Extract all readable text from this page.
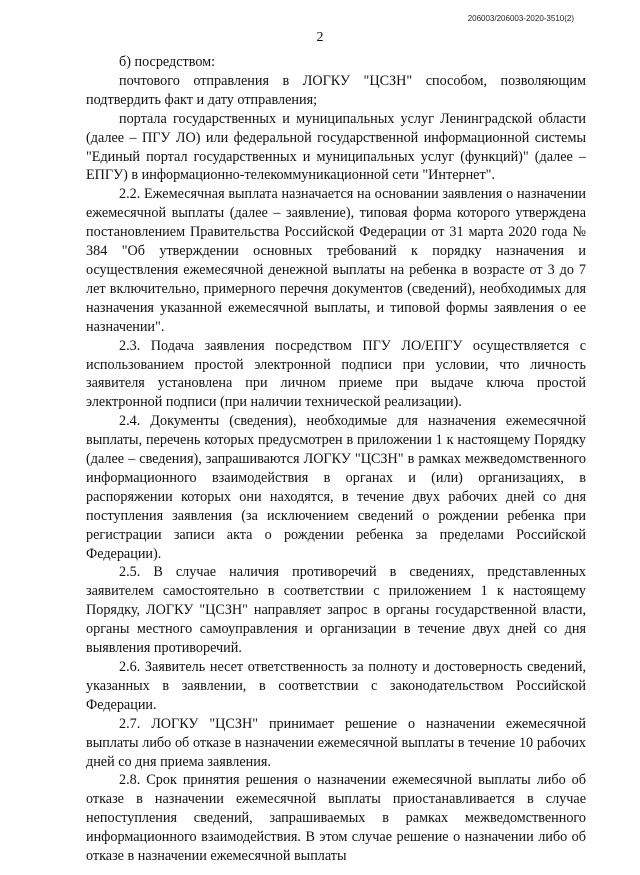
206003/206003-2020-3510(2)
2

б) посредством:

почтового отправления в ЛОГКУ "ЦСЗН" способом, позволяющим подтвердить факт и дату отправления;

портала государственных и муниципальных услуг Ленинградской области (далее – ПГУ ЛО) или федеральной государственной информационной системы "Единый портал государственных и муниципальных услуг (функций)" (далее – ЕПГУ) в информационно-телекоммуникационной сети "Интернет".

2.2. Ежемесячная выплата назначается на основании заявления о назначении ежемесячной выплаты (далее – заявление), типовая форма которого утверждена постановлением Правительства Российской Федерации от 31 марта 2020 года № 384 "Об утверждении основных требований к порядку назначения и осуществления ежемесячной денежной выплаты на ребенка в возрасте от 3 до 7 лет включительно, примерного перечня документов (сведений), необходимых для назначения указанной ежемесячной выплаты, и типовой формы заявления о ее назначении".

2.3. Подача заявления посредством ПГУ ЛО/ЕПГУ осуществляется с использованием простой электронной подписи при условии, что личность заявителя установлена при личном приеме при выдаче ключа простой электронной подписи (при наличии технической реализации).

2.4. Документы (сведения), необходимые для назначения ежемесячной выплаты, перечень которых предусмотрен в приложении 1 к настоящему Порядку (далее – сведения), запрашиваются ЛОГКУ "ЦСЗН" в рамках межведомственного информационного взаимодействия в органах и (или) организациях, в распоряжении которых они находятся, в течение двух рабочих дней со дня поступления заявления (за исключением сведений о рождении ребенка при регистрации записи акта о рождении ребенка за пределами Российской Федерации).

2.5. В случае наличия противоречий в сведениях, представленных заявителем самостоятельно в соответствии с приложением 1 к настоящему Порядку, ЛОГКУ "ЦСЗН" направляет запрос в органы государственной власти, органы местного самоуправления и организации в течение двух дней со дня выявления противоречий.

2.6. Заявитель несет ответственность за полноту и достоверность сведений, указанных в заявлении, в соответствии с законодательством Российской Федерации.

2.7. ЛОГКУ "ЦСЗН" принимает решение о назначении ежемесячной выплаты либо об отказе в назначении ежемесячной выплаты в течение 10 рабочих дней со дня приема заявления.

2.8. Срок принятия решения о назначении ежемесячной выплаты либо об отказе в назначении ежемесячной выплаты приостанавливается в случае непоступления сведений, запрашиваемых в рамках межведомственного информационного взаимодействия. В этом случае решение о назначении либо об отказе в назначении ежемесячной выплаты
